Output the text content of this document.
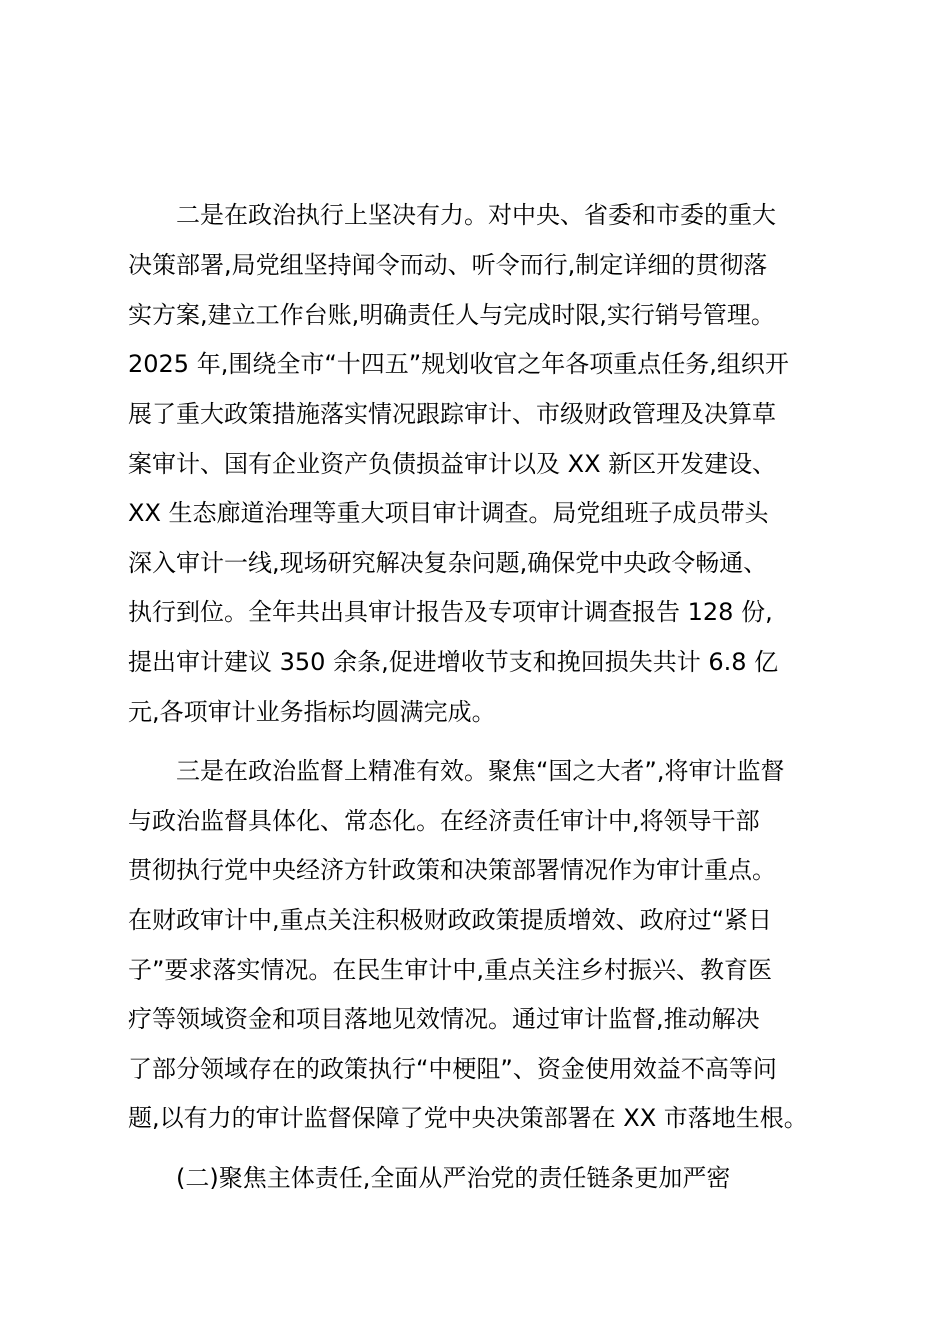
二是在政治执行上坚决有力。对中央、省委和市委的重大

决策部署,局党组坚持闻令而动、听令而行,制定详细的贯彻落

实方案,建立工作台账,明确责任人与完成时限,实行销号管理。

2025 年,围绕全市“十四五”规划收官之年各项重点任务,组织开

展了重大政策措施落实情况跟踪审计、市级财政管理及决算草

案审计、国有企业资产负债损益审计以及 XX 新区开发建设、

XX 生态廊道治理等重大项目审计调查。局党组班子成员带头

深入审计一线,现场研究解决复杂问题,确保党中央政令畅通、

执行到位。全年共出具审计报告及专项审计调查报告 128 份,

提出审计建议 350 余条,促进增收节支和挽回损失共计 6.8 亿

元,各项审计业务指标均圆满完成。

三是在政治监督上精准有效。聚焦“国之大者”,将审计监督

与政治监督具体化、常态化。在经济责任审计中,将领导干部

贯彻执行党中央经济方针政策和决策部署情况作为审计重点。

在财政审计中,重点关注积极财政政策提质增效、政府过“紧日

子”要求落实情况。在民生审计中,重点关注乡村振兴、教育医

疗等领域资金和项目落地见效情况。通过审计监督,推动解决

了部分领域存在的政策执行“中梗阻”、资金使用效益不高等问

题,以有力的审计监督保障了党中央决策部署在 XX 市落地生根。

(二)聚焦主体责任,全面从严治党的责任链条更加严密
